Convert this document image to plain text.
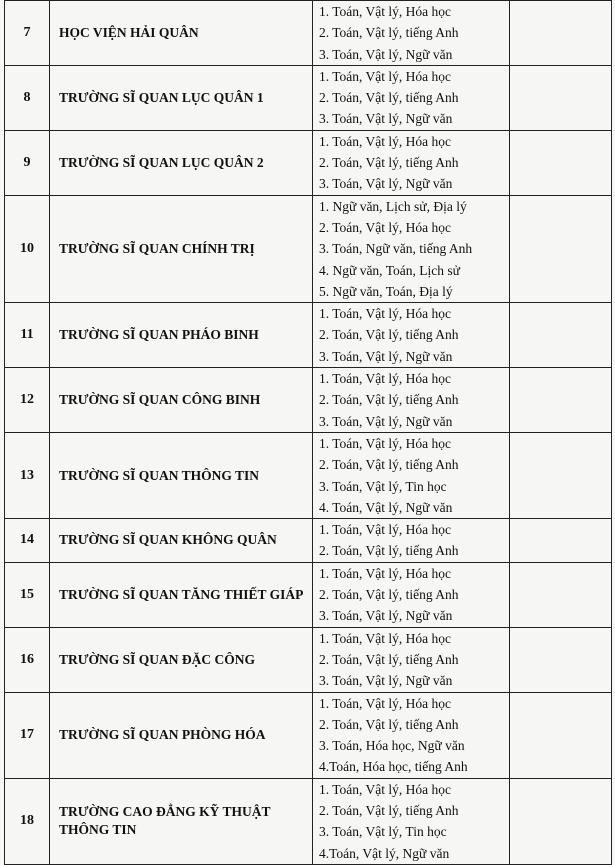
7	HỌC VIỆN HẢI QUÂN	1. Toán, Vật lý, Hóa học
2. Toán, Vật lý, tiếng Anh
3. Toán, Vật lý, Ngữ văn	

8	TRƯỜNG SĨ QUAN LỤC QUÂN 1	1. Toán, Vật lý, Hóa học
2. Toán, Vật lý, tiếng Anh
3. Toán, Vật lý, Ngữ văn	

9	TRƯỜNG SĨ QUAN LỤC QUÂN 2	1. Toán, Vật lý, Hóa học
2. Toán, Vật lý, tiếng Anh
3. Toán, Vật lý, Ngữ văn	

10	TRƯỜNG SĨ QUAN CHÍNH TRỊ	1. Ngữ văn, Lịch sử, Địa lý
2. Toán, Vật lý, Hóa học
3. Toán, Ngữ văn, tiếng Anh
4. Ngữ văn, Toán, Lịch sử
5. Ngữ văn, Toán, Địa lý	

11	TRƯỜNG SĨ QUAN PHÁO BINH	1. Toán, Vật lý, Hóa học
2. Toán, Vật lý, tiếng Anh
3. Toán, Vật lý, Ngữ văn	

12	TRƯỜNG SĨ QUAN CÔNG BINH	1. Toán, Vật lý, Hóa học
2. Toán, Vật lý, tiếng Anh
3. Toán, Vật lý, Ngữ văn	

13	TRƯỜNG SĨ QUAN THÔNG TIN	1. Toán, Vật lý, Hóa học
2. Toán, Vật lý, tiếng Anh
3. Toán, Vật lý, Tin học
4. Toán, Vật lý, Ngữ văn	

14	TRƯỜNG SĨ QUAN KHÔNG QUÂN	1. Toán, Vật lý, Hóa học
2. Toán, Vật lý, tiếng Anh	

15	TRƯỜNG SĨ QUAN TĂNG THIẾT GIÁP	1. Toán, Vật lý, Hóa học
2. Toán, Vật lý, tiếng Anh
3. Toán, Vật lý, Ngữ văn	

16	TRƯỜNG SĨ QUAN ĐẶC CÔNG	1. Toán, Vật lý, Hóa học
2. Toán, Vật lý, tiếng Anh
3. Toán, Vật lý, Ngữ văn	

17	TRƯỜNG SĨ QUAN PHÒNG HÓA	1. Toán, Vật lý, Hóa học
2. Toán, Vật lý, tiếng Anh
3. Toán, Hóa học, Ngữ văn
4.Toán, Hóa học, tiếng Anh	

18	TRƯỜNG CAO ĐẲNG KỸ THUẬT THÔNG TIN	1. Toán, Vật lý, Hóa học
2. Toán, Vật lý, tiếng Anh
3. Toán, Vật lý, Tin học
4.Toán, Vật lý, Ngữ văn	
